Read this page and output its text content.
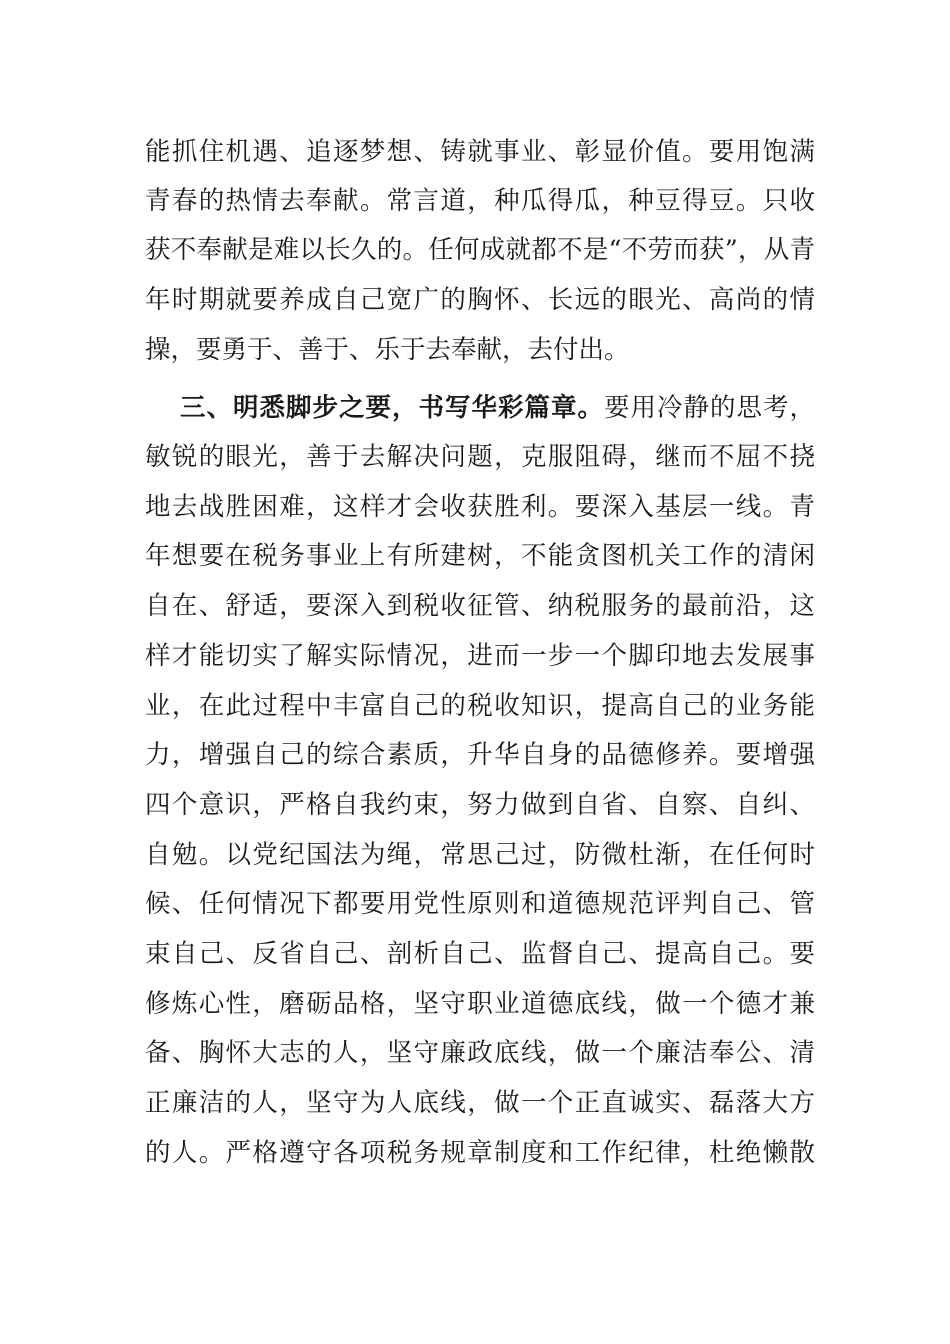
能抓住机遇、追逐梦想、铸就事业、彰显价值。要用饱满
青春的热情去奉献。常言道，种瓜得瓜，种豆得豆。只收
获不奉献是难以长久的。任何成就都不是“不劳而获”，从青
年时期就要养成自己宽广的胸怀、长远的眼光、高尚的情
操，要勇于、善于、乐于去奉献，去付出。
三、明悉脚步之要，书写华彩篇章。要用冷静的思考，
敏锐的眼光，善于去解决问题，克服阻碍，继而不屈不挠
地去战胜困难，这样才会收获胜利。要深入基层一线。青
年想要在税务事业上有所建树，不能贪图机关工作的清闲
自在、舒适，要深入到税收征管、纳税服务的最前沿，这
样才能切实了解实际情况，进而一步一个脚印地去发展事
业，在此过程中丰富自己的税收知识，提高自己的业务能
力，增强自己的综合素质，升华自身的品德修养。要增强
四个意识，严格自我约束，努力做到自省、自察、自纠、
自勉。以党纪国法为绳，常思己过，防微杜渐，在任何时
候、任何情况下都要用党性原则和道德规范评判自己、管
束自己、反省自己、剖析自己、监督自己、提高自己。要
修炼心性，磨砺品格，坚守职业道德底线，做一个德才兼
备、胸怀大志的人，坚守廉政底线，做一个廉洁奉公、清
正廉洁的人，坚守为人底线，做一个正直诚实、磊落大方
的人。严格遵守各项税务规章制度和工作纪律，杜绝懒散
